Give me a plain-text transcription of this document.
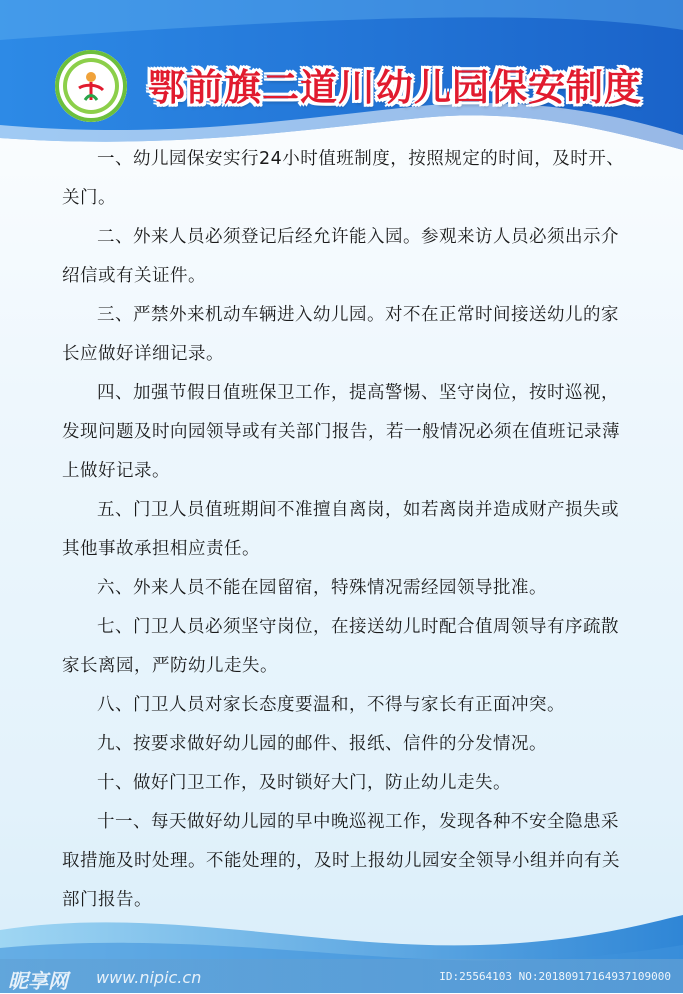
鄂前旗二道川幼儿园保安制度

一、幼儿园保安实行24小时值班制度，按照规定的时间，及时开、关门。

二、外来人员必须登记后经允许能入园。参观来访人员必须出示介绍信或有关证件。

三、严禁外来机动车辆进入幼儿园。对不在正常时间接送幼儿的家长应做好详细记录。

四、加强节假日值班保卫工作，提高警惕、坚守岗位，按时巡视，发现问题及时向园领导或有关部门报告，若一般情况必须在值班记录薄上做好记录。

五、门卫人员值班期间不准擅自离岗，如若离岗并造成财产损失或其他事故承担相应责任。

六、外来人员不能在园留宿，特殊情况需经园领导批准。

七、门卫人员必须坚守岗位，在接送幼儿时配合值周领导有序疏散家长离园，严防幼儿走失。

八、门卫人员对家长态度要温和，不得与家长有正面冲突。

九、按要求做好幼儿园的邮件、报纸、信件的分发情况。

十、做好门卫工作，及时锁好大门，防止幼儿走失。

十一、每天做好幼儿园的早中晚巡视工作，发现各种不安全隐患采取措施及时处理。不能处理的，及时上报幼儿园安全领导小组并向有关部门报告。

昵享网 www.nipic.cn	ID:25564103 NO:20180917164937109000
